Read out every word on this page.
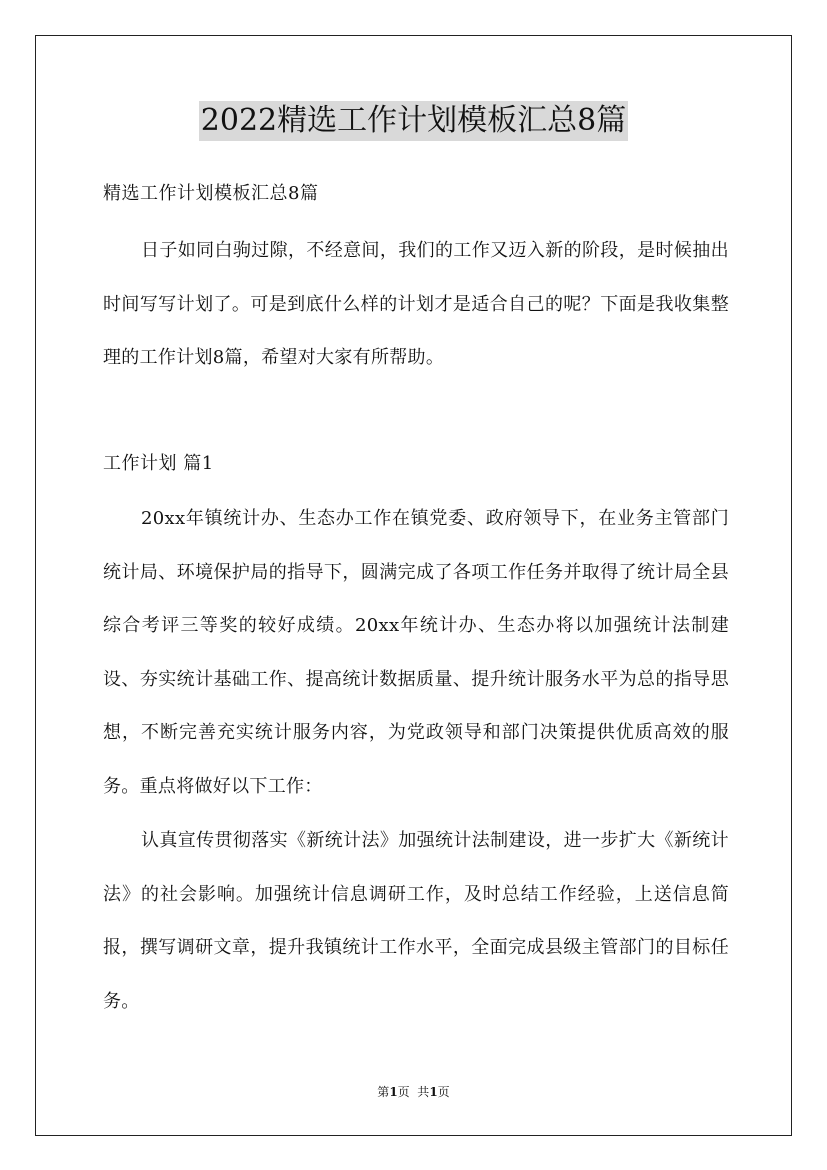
2022精选工作计划模板汇总8篇
精选工作计划模板汇总8篇
日子如同白驹过隙，不经意间，我们的工作又迈入新的阶段，是时候抽出时间写写计划了。可是到底什么样的计划才是适合自己的呢？下面是我收集整理的工作计划8篇，希望对大家有所帮助。
工作计划 篇1
20xx年镇统计办、生态办工作在镇党委、政府领导下，在业务主管部门统计局、环境保护局的指导下，圆满完成了各项工作任务并取得了统计局全县综合考评三等奖的较好成绩。20xx年统计办、生态办将以加强统计法制建设、夯实统计基础工作、提高统计数据质量、提升统计服务水平为总的指导思想，不断完善充实统计服务内容，为党政领导和部门决策提供优质高效的服务。重点将做好以下工作：
认真宣传贯彻落实《新统计法》加强统计法制建设，进一步扩大《新统计法》的社会影响。加强统计信息调研工作，及时总结工作经验，上送信息简报，撰写调研文章，提升我镇统计工作水平，全面完成县级主管部门的目标任务。
第1页  共1页
